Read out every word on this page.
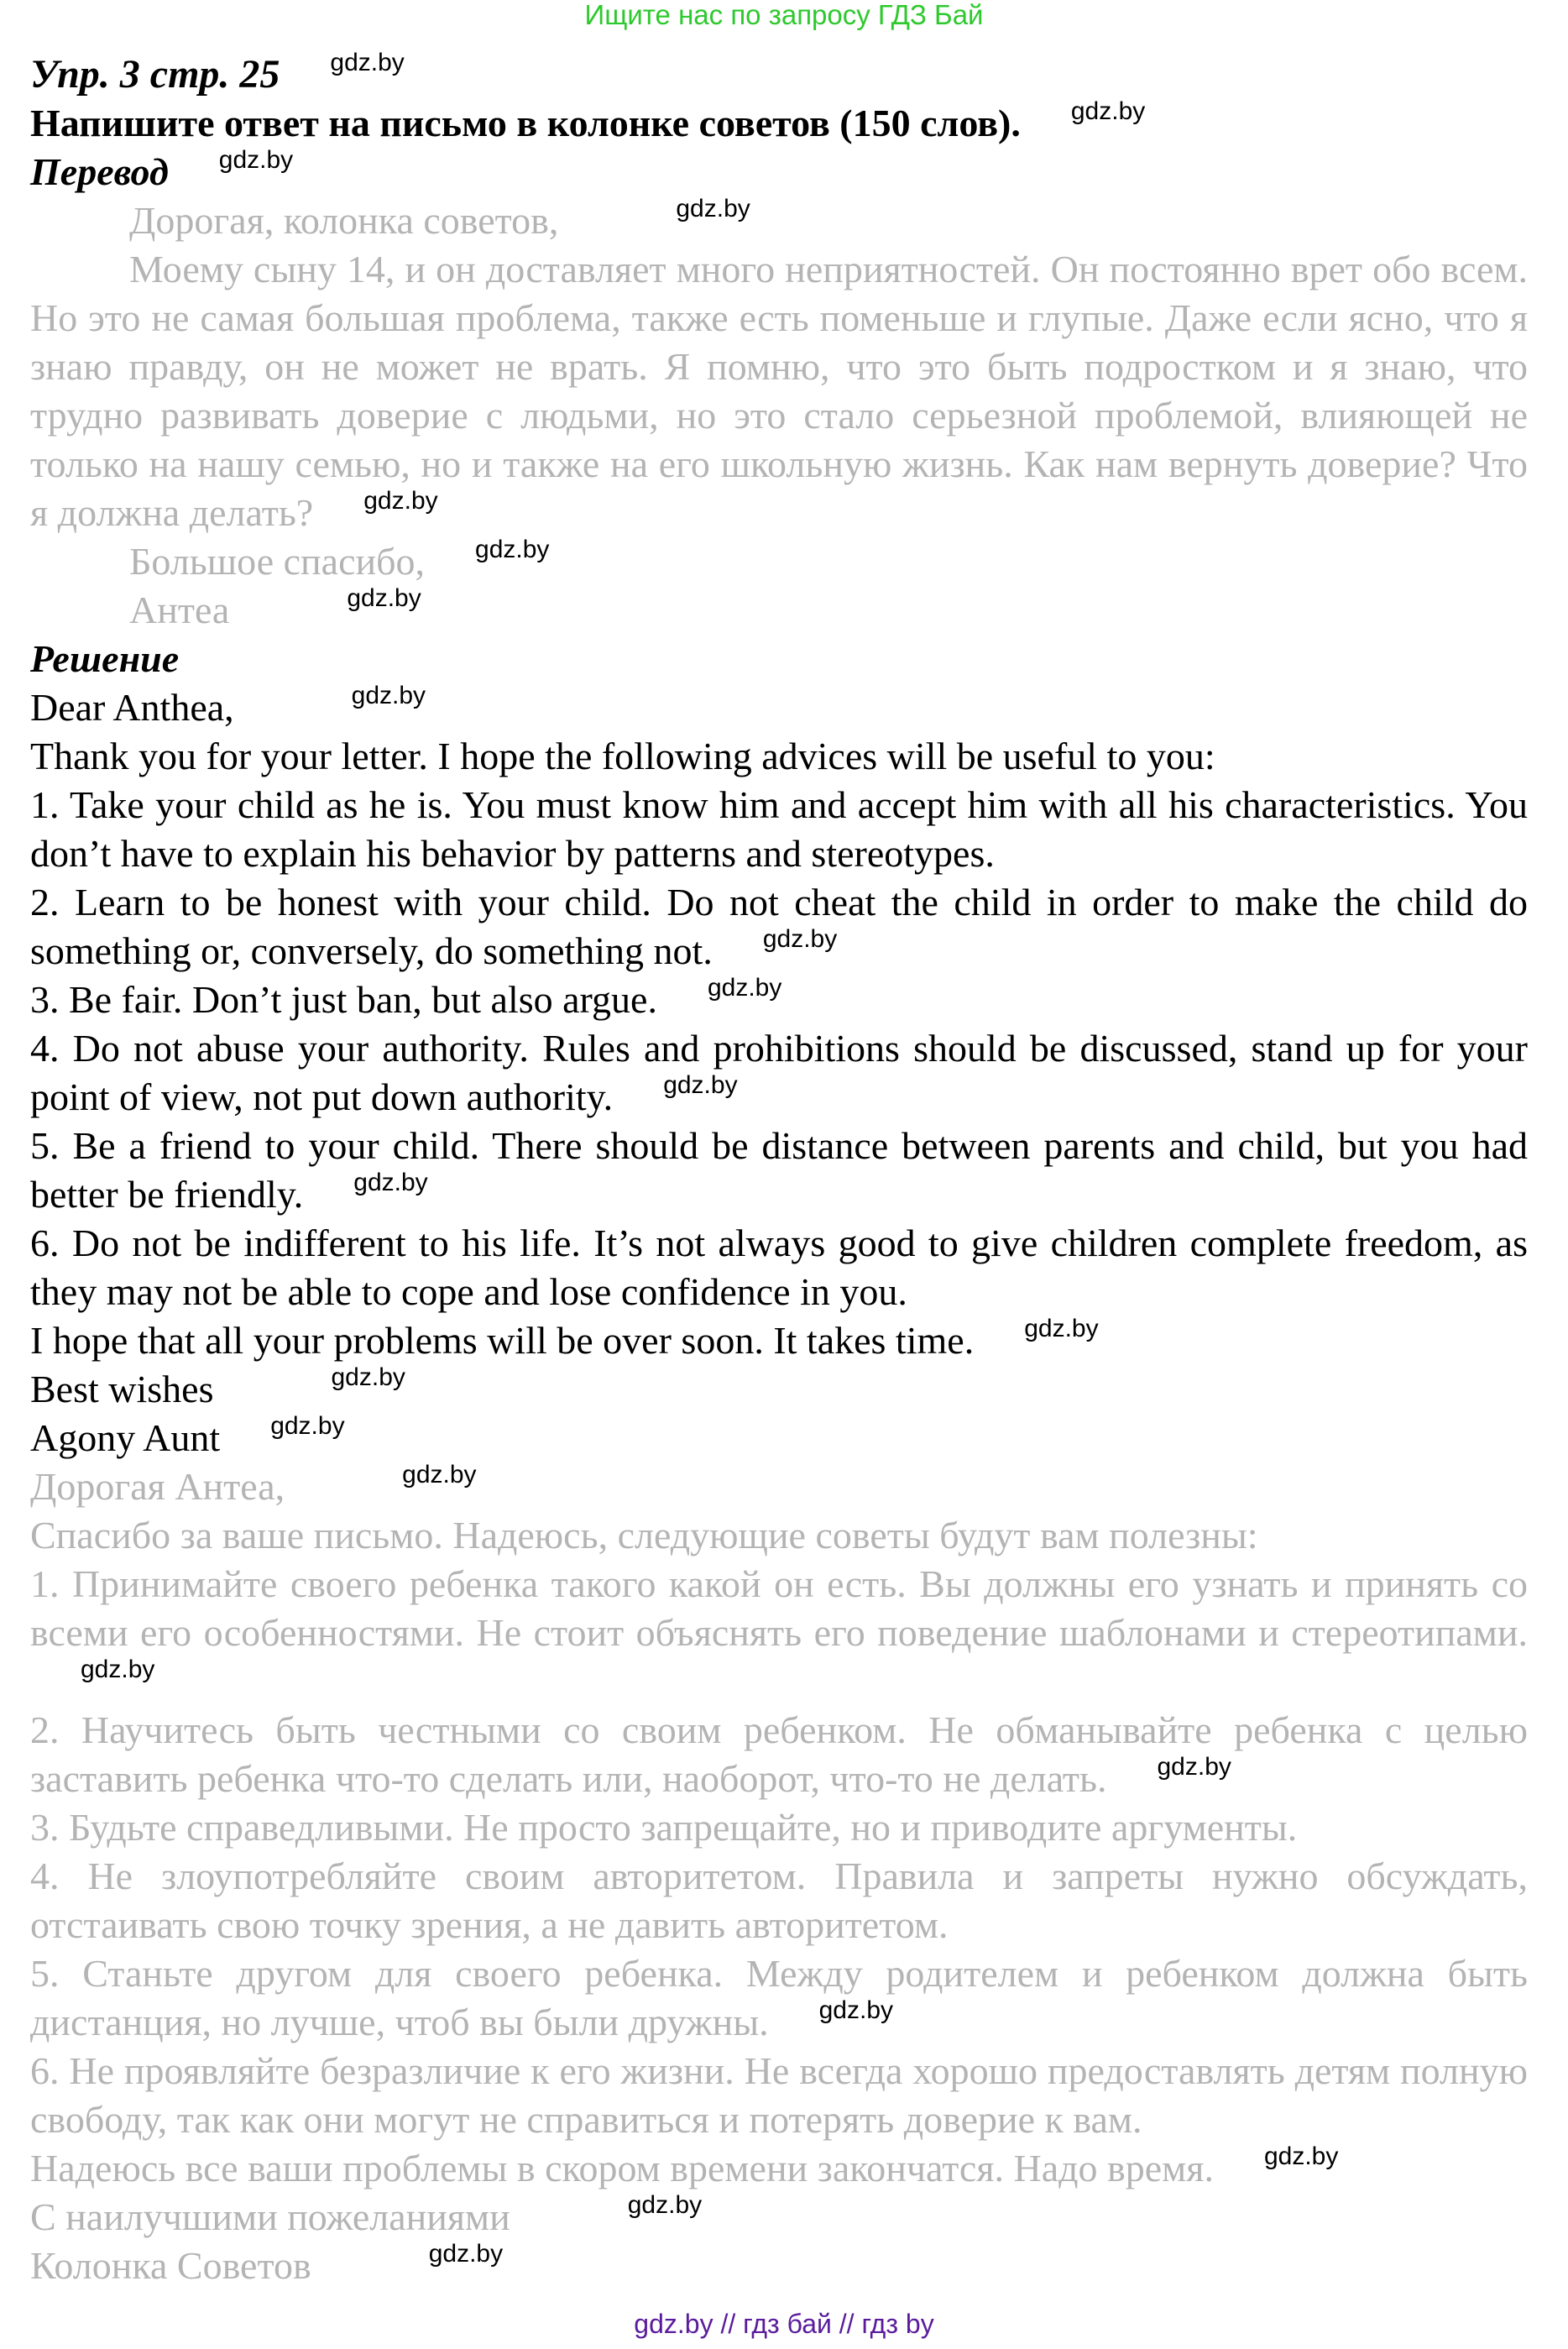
Ищите нас по запросу ГДЗ Бай

Упр. 3 стр. 25 gdz.by

Напишите ответ на письмо в колонке советов (150 слов). gdz.by

Перевод gdz.by

Дорогая, колонка советов,	gdz.by

Моему сыну 14, и он доставляет много неприятностей. Он постоянно врет обо всем. Но это не самая большая проблема, также есть поменьше и глупые. Даже если ясно, что я знаю правду, он не может не врать. Я помню, что это быть подростком и я знаю, что трудно развивать доверие с людьми, но это стало серьезной проблемой, влияющей не только на нашу семью, но и также на его школьную жизнь. Как нам вернуть доверие? Что я должна делать? gdz.by

Большое спасибо, gdz.by

Антеа	gdz.by

Решение

Dear Anthea,	gdz.by

Thank you for your letter. I hope the following advices will be useful to you:

1. Take your child as he is. You must know him and accept him with all his characteristics. You don’t have to explain his behavior by patterns and stereotypes.

2. Learn to be honest with your child. Do not cheat the child in order to make the child do something or, conversely, do something not. gdz.by

3. Be fair. Don’t just ban, but also argue. gdz.by

4. Do not abuse your authority. Rules and prohibitions should be discussed, stand up for your point of view, not put down authority. gdz.by

5. Be a friend to your child. There should be distance between parents and child, but you had better be friendly. gdz.by

6. Do not be indifferent to his life. It’s not always good to give children complete freedom, as they may not be able to cope and lose confidence in you.

I hope that all your problems will be over soon. It takes time. gdz.by

Best wishes	gdz.by

Agony Aunt gdz.by

Дорогая Антеа,	gdz.by

Спасибо за ваше письмо. Надеюсь, следующие советы будут вам полезны:

1. Принимайте своего ребенка такого какой он есть. Вы должны его узнать и принять со всеми его особенностями. Не стоит объяснять его поведение шаблонами и стереотипами.gdz.by

2. Научитесь быть честными со своим ребенком. Не обманывайте ребенка с целью заставить ребенка что-то сделать или, наоборот, что-то не делать. gdz.by

3. Будьте справедливыми. Не просто запрещайте, но и приводите аргументы.

4. Не злоупотребляйте своим авторитетом. Правила и запреты нужно обсуждать, отстаивать свою точку зрения, а не давить авторитетом.

5. Станьте другом для своего ребенка. Между родителем и ребенком должна быть дистанция, но лучше, чтоб вы были дружны. gdz.by

6. Не проявляйте безразличие к его жизни. Не всегда хорошо предоставлять детям полную свободу, так как они могут не справиться и потерять доверие к вам.

Надеюсь все ваши проблемы в скором времени закончатся. Надо время. gdz.by

С наилучшими пожеланиями	gdz.by

Колонка Советов	gdz.by

gdz.by // гдз бай // гдз by
